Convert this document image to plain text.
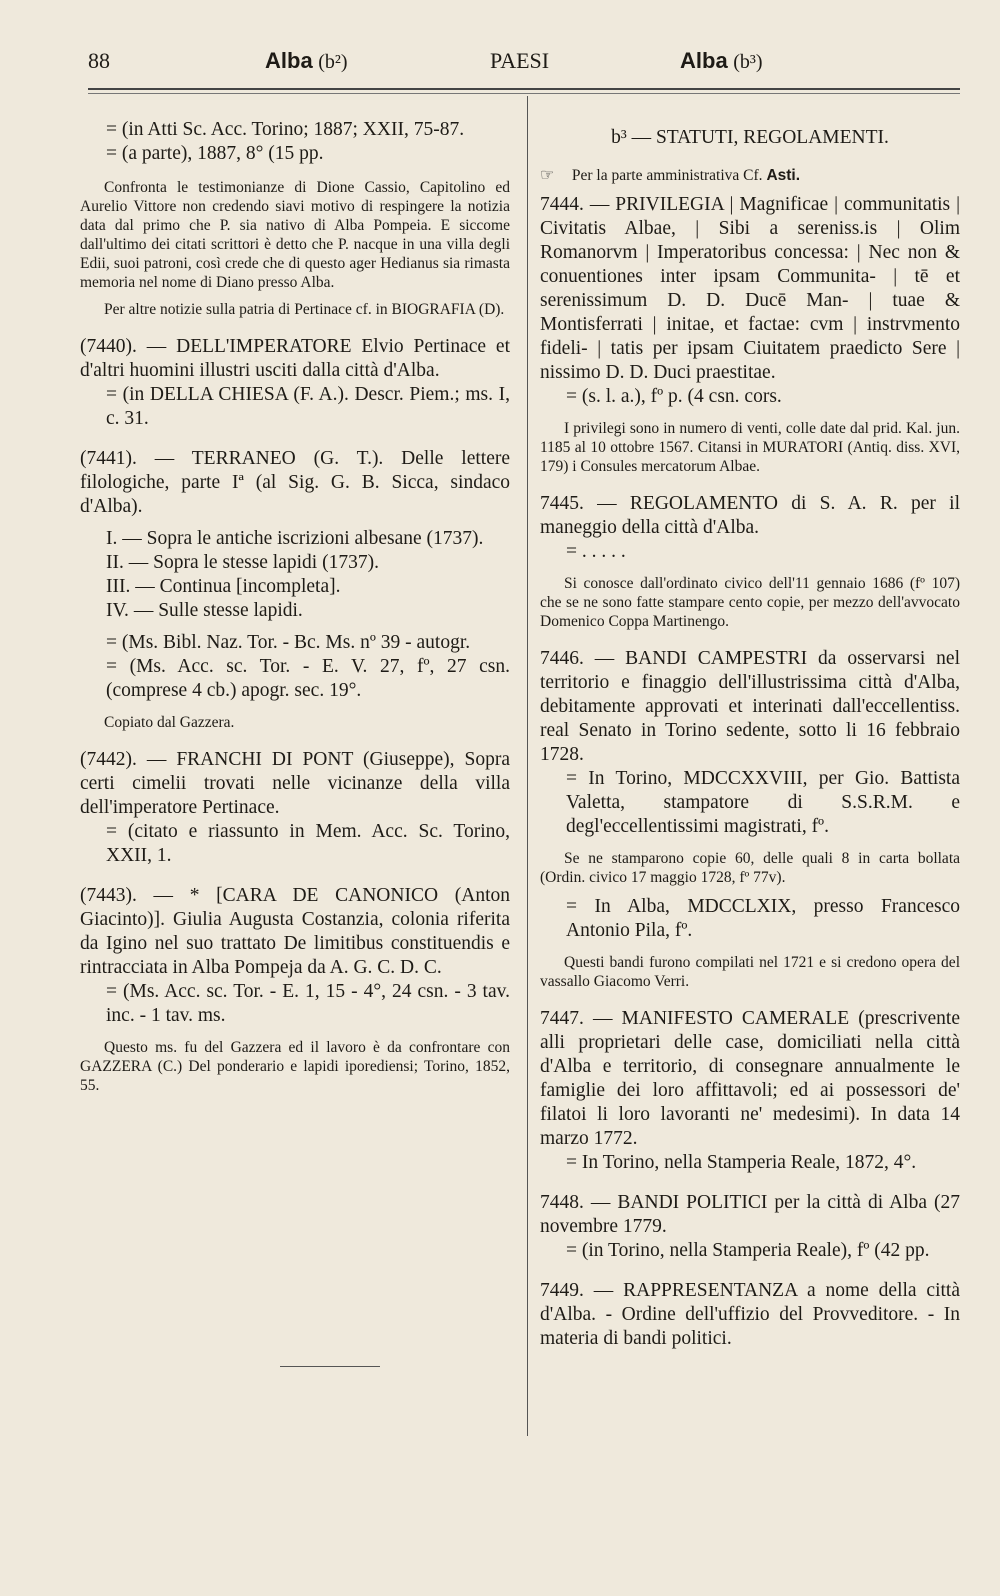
88	Alba (b²)	PAESI	Alba (b³)

= (in Atti Sc. Acc. Torino; 1887; XXII, 75-87.

= (a parte), 1887, 8° (15 pp.

Confronta le testimonianze di Dione Cassio, Capitolino ed Aurelio Vittore non credendo siavi motivo di respingere la notizia data dal primo che P. sia nativo di Alba Pompeia. E siccome dall'ultimo dei citati scrittori è detto che P. nacque in una villa degli Edii, suoi patroni, così crede che di questo ager Hedianus sia rimasta memoria nel nome di Diano presso Alba.

Per altre notizie sulla patria di Pertinace cf. in BIOGRAFIA (D).

(7440). — DELL'IMPERATORE Elvio Pertinace et d'altri huomini illustri usciti dalla città d'Alba.

= (in DELLA CHIESA (F. A.). Descr. Piem.; ms. I, c. 31.

(7441). — TERRANEO (G. T.). Delle lettere filologiche, parte Iª (al Sig. G. B. Sicca, sindaco d'Alba).

I. — Sopra le antiche iscrizioni albesane (1737).

II. — Sopra le stesse lapidi (1737).

III. — Continua [incompleta].

IV. — Sulle stesse lapidi.

= (Ms. Bibl. Naz. Tor. - Bc. Ms. nº 39 - autogr.

= (Ms. Acc. sc. Tor. - E. V. 27, fº, 27 csn. (comprese 4 cb.) apogr. sec. 19°.

Copiato dal Gazzera.

(7442). — FRANCHI DI PONT (Giuseppe), Sopra certi cimelii trovati nelle vicinanze della villa dell'imperatore Pertinace.

= (citato e riassunto in Mem. Acc. Sc. Torino, XXII, 1.

(7443). — * [CARA DE CANONICO (Anton Giacinto)]. Giulia Augusta Costanzia, colonia riferita da Igino nel suo trattato De limitibus constituendis e rintracciata in Alba Pompeja da A. G. C. D. C.

= (Ms. Acc. sc. Tor. - E. 1, 15 - 4°, 24 csn. - 3 tav. inc. - 1 tav. ms.

Questo ms. fu del Gazzera ed il lavoro è da confrontare con GAZZERA (C.) Del ponderario e lapidi iporediensi; Torino, 1852, 55.

b³ — STATUTI, REGOLAMENTI.

☞ Per la parte amministrativa Cf. Asti.

7444. — PRIVILEGIA | Magnificae | communitatis | Civitatis Albae, | Sibi a sereniss.is | Olim Romanorvm | Imperatoribus concessa: | Nec non & conuentiones inter ipsam Communita- | tē et serenissimum D. D. Ducē Man- | tuae & Montisferrati | initae, et factae: cvm | instrvmento fideli- | tatis per ipsam Ciuitatem praedicto Sere | nissimo D. D. Duci praestitae.

= (s. l. a.), fº p. (4 csn. cors.

I privilegi sono in numero di venti, colle date dal prid. Kal. jun. 1185 al 10 ottobre 1567. Citansi in MURATORI (Antiq. diss. XVI, 179) i Consules mercatorum Albae.

7445. — REGOLAMENTO di S. A. R. per il maneggio della città d'Alba.

= . . . . .

Si conosce dall'ordinato civico dell'11 gennaio 1686 (fº 107) che se ne sono fatte stampare cento copie, per mezzo dell'avvocato Domenico Coppa Martinengo.

7446. — BANDI CAMPESTRI da osservarsi nel territorio e finaggio dell'illustrissima città d'Alba, debitamente approvati et interinati dall'eccellentiss. real Senato in Torino sedente, sotto li 16 febbraio 1728.

= In Torino, MDCCXXVIII, per Gio. Battista Valetta, stampatore di S.S.R.M. e degl'eccellentissimi magistrati, fº.

Se ne stamparono copie 60, delle quali 8 in carta bollata (Ordin. civico 17 maggio 1728, fº 77v).

= In Alba, MDCCLXIX, presso Francesco Antonio Pila, fº.

Questi bandi furono compilati nel 1721 e si credono opera del vassallo Giacomo Verri.

7447. — MANIFESTO CAMERALE (prescrivente alli proprietari delle case, domiciliati nella città d'Alba e territorio, di consegnare annualmente le famiglie dei loro affittavoli; ed ai possessori de' filatoi li loro lavoranti ne' medesimi). In data 14 marzo 1772.

= In Torino, nella Stamperia Reale, 1872, 4°.

7448. — BANDI POLITICI per la città di Alba (27 novembre 1779.

= (in Torino, nella Stamperia Reale), fº (42 pp.

7449. — RAPPRESENTANZA a nome della città d'Alba. - Ordine dell'uffizio del Provveditore. - In materia di bandi politici.
